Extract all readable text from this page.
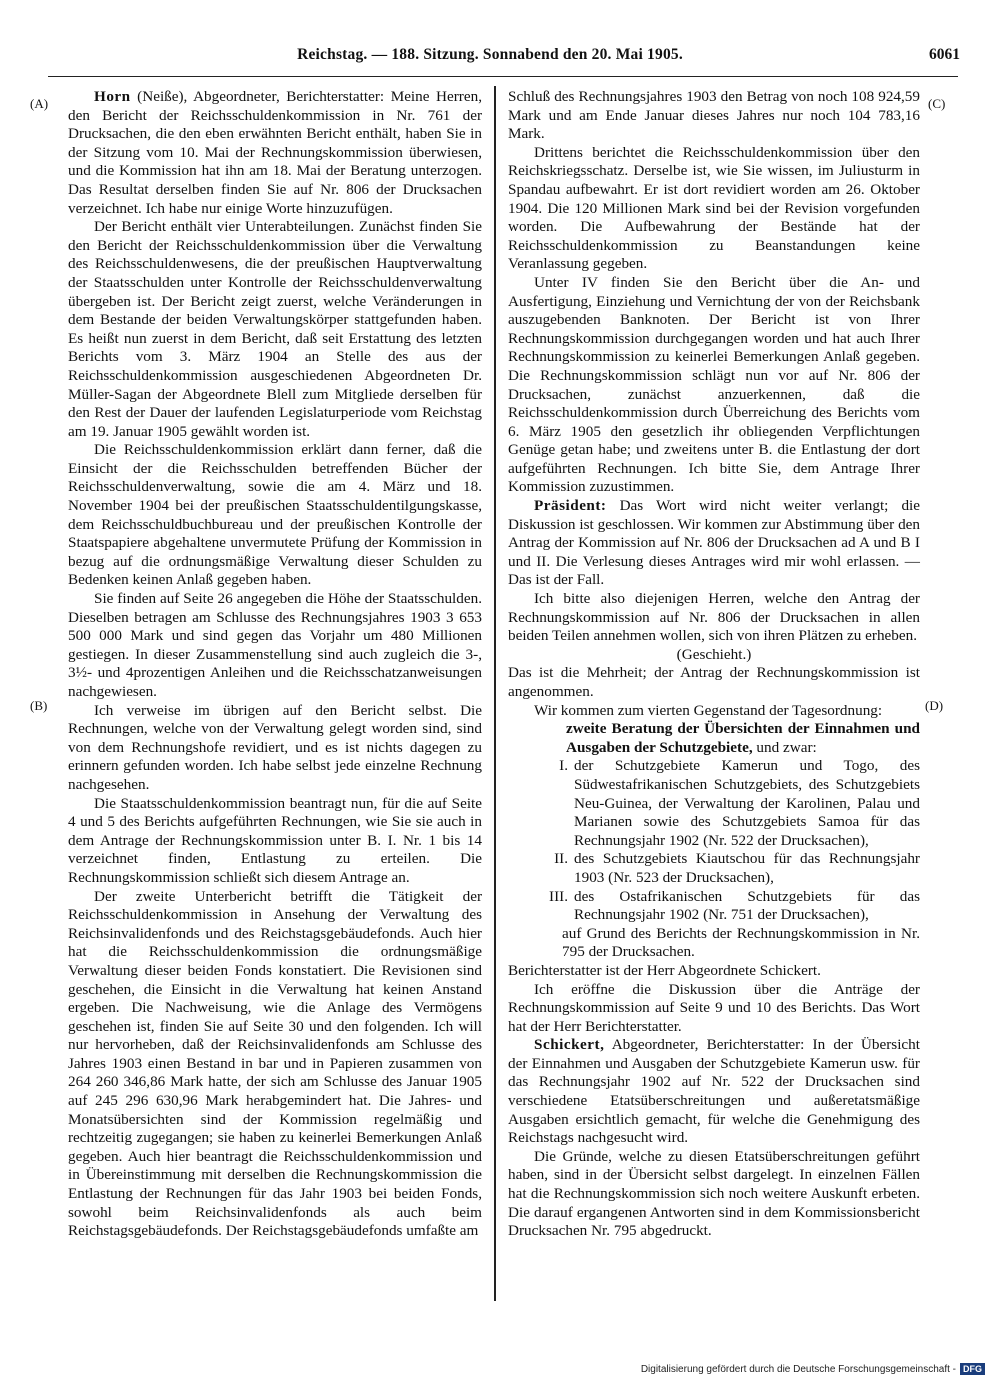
Reichstag. — 188. Sitzung. Sonnabend den 20. Mai 1905.	6061
(A)	(C)
(B)	(D)

Horn (Neiße), Abgeordneter, Berichterstatter: Meine Herren, den Bericht der Reichsschuldenkommission in Nr. 761 der Drucksachen, die den eben erwähnten Bericht enthält, haben Sie in der Sitzung vom 10. Mai der Rechnungskommission überwiesen, und die Kommission hat ihn am 18. Mai der Beratung unterzogen. Das Resultat derselben finden Sie auf Nr. 806 der Drucksachen verzeichnet. Ich habe nur einige Worte hinzuzufügen.

Der Bericht enthält vier Unterabteilungen. Zunächst finden Sie den Bericht der Reichsschuldenkommission über die Verwaltung des Reichsschuldenwesens, die der preußischen Hauptverwaltung der Staatsschulden unter Kontrolle der Reichsschuldenverwaltung übergeben ist. Der Bericht zeigt zuerst, welche Veränderungen in dem Bestande der beiden Verwaltungskörper stattgefunden haben. Es heißt nun zuerst in dem Bericht, daß seit Erstattung des letzten Berichts vom 3. März 1904 an Stelle des aus der Reichsschuldenkommission ausgeschiedenen Abgeordneten Dr. Müller-Sagan der Abgeordnete Blell zum Mitgliede derselben für den Rest der Dauer der laufenden Legislaturperiode vom Reichstag am 19. Januar 1905 gewählt worden ist.

Die Reichsschuldenkommission erklärt dann ferner, daß die Einsicht der die Reichsschulden betreffenden Bücher der Reichsschuldenverwaltung, sowie die am 4. März und 18. November 1904 bei der preußischen Staatsschuldentilgungskasse, dem Reichsschuldbuchbureau und der preußischen Kontrolle der Staatspapiere abgehaltene unvermutete Prüfung der Kommission in bezug auf die ordnungsmäßige Verwaltung dieser Schulden zu Bedenken keinen Anlaß gegeben haben.

Sie finden auf Seite 26 angegeben die Höhe der Staatsschulden. Dieselben betragen am Schlusse des Rechnungsjahres 1903 3 653 500 000 Mark und sind gegen das Vorjahr um 480 Millionen gestiegen. In dieser Zusammenstellung sind auch zugleich die 3-, 3½- und 4prozentigen Anleihen und die Reichsschatzanweisungen nachgewiesen.

Ich verweise im übrigen auf den Bericht selbst. Die Rechnungen, welche von der Verwaltung gelegt worden sind, sind von dem Rechnungshofe revidiert, und es ist nichts dagegen zu erinnern gefunden worden. Ich habe selbst jede einzelne Rechnung nachgesehen.

Die Staatsschuldenkommission beantragt nun, für die auf Seite 4 und 5 des Berichts aufgeführten Rechnungen, wie Sie sie auch in dem Antrage der Rechnungskommission unter B. I. Nr. 1 bis 14 verzeichnet finden, Entlastung zu erteilen. Die Rechnungskommission schließt sich diesem Antrage an.

Der zweite Unterbericht betrifft die Tätigkeit der Reichsschuldenkommission in Ansehung der Verwaltung des Reichsinvalidenfonds und des Reichstagsgebäudefonds. Auch hier hat die Reichsschuldenkommission die ordnungsmäßige Verwaltung dieser beiden Fonds konstatiert. Die Revisionen sind geschehen, die Einsicht in die Verwaltung hat keinen Anstand ergeben. Die Nachweisung, wie die Anlage des Vermögens geschehen ist, finden Sie auf Seite 30 und den folgenden. Ich will nur hervorheben, daß der Reichsinvalidenfonds am Schlusse des Jahres 1903 einen Bestand in bar und in Papieren zusammen von 264 260 346,86 Mark hatte, der sich am Schlusse des Januar 1905 auf 245 296 630,96 Mark herabgemindert hat. Die Jahres- und Monatsübersichten sind der Kommission regelmäßig und rechtzeitig zugegangen; sie haben zu keinerlei Bemerkungen Anlaß gegeben. Auch hier beantragt die Reichsschuldenkommission und in Übereinstimmung mit derselben die Rechnungskommission die Entlastung der Rechnungen für das Jahr 1903 bei beiden Fonds, sowohl beim Reichsinvalidenfonds als auch beim Reichstagsgebäudefonds. Der Reichstagsgebäudefonds umfaßte am

Schluß des Rechnungsjahres 1903 den Betrag von noch 108 924,59 Mark und am Ende Januar dieses Jahres nur noch 104 783,16 Mark.

Drittens berichtet die Reichsschuldenkommission über den Reichskriegsschatz. Derselbe ist, wie Sie wissen, im Juliusturm in Spandau aufbewahrt. Er ist dort revidiert worden am 26. Oktober 1904. Die 120 Millionen Mark sind bei der Revision vorgefunden worden. Die Aufbewahrung der Bestände hat der Reichsschuldenkommission zu Beanstandungen keine Veranlassung gegeben.

Unter IV finden Sie den Bericht über die An- und Ausfertigung, Einziehung und Vernichtung der von der Reichsbank auszugebenden Banknoten. Der Bericht ist von Ihrer Rechnungskommission durchgegangen worden und hat auch Ihrer Rechnungskommission zu keinerlei Bemerkungen Anlaß gegeben. Die Rechnungskommission schlägt nun vor auf Nr. 806 der Drucksachen, zunächst anzuerkennen, daß die Reichsschuldenkommission durch Überreichung des Berichts vom 6. März 1905 den gesetzlich ihr obliegenden Verpflichtungen Genüge getan habe; und zweitens unter B. die Entlastung der dort aufgeführten Rechnungen. Ich bitte Sie, dem Antrage Ihrer Kommission zuzustimmen.

Präsident: Das Wort wird nicht weiter verlangt; die Diskussion ist geschlossen. Wir kommen zur Abstimmung über den Antrag der Kommission auf Nr. 806 der Drucksachen ad A und B I und II. Die Verlesung dieses Antrages wird mir wohl erlassen. — Das ist der Fall.

Ich bitte also diejenigen Herren, welche den Antrag der Rechnungskommission auf Nr. 806 der Drucksachen in allen beiden Teilen annehmen wollen, sich von ihren Plätzen zu erheben.

(Geschieht.)

Das ist die Mehrheit; der Antrag der Rechnungskommission ist angenommen.

Wir kommen zum vierten Gegenstand der Tagesordnung:

zweite Beratung der Übersichten der Einnahmen und Ausgaben der Schutzgebiete, und zwar:

I. der Schutzgebiete Kamerun und Togo, des Südwestafrikanischen Schutzgebiets, des Schutzgebiets Neu-Guinea, der Verwaltung der Karolinen, Palau und Marianen sowie des Schutzgebiets Samoa für das Rechnungsjahr 1902 (Nr. 522 der Drucksachen),
II. des Schutzgebiets Kiautschou für das Rechnungsjahr 1903 (Nr. 523 der Drucksachen),
III. des Ostafrikanischen Schutzgebiets für das Rechnungsjahr 1902 (Nr. 751 der Drucksachen),

auf Grund des Berichts der Rechnungskommission in Nr. 795 der Drucksachen.

Berichterstatter ist der Herr Abgeordnete Schickert.

Ich eröffne die Diskussion über die Anträge der Rechnungskommission auf Seite 9 und 10 des Berichts. Das Wort hat der Herr Berichterstatter.

Schickert, Abgeordneter, Berichterstatter: In der Übersicht der Einnahmen und Ausgaben der Schutzgebiete Kamerun usw. für das Rechnungsjahr 1902 auf Nr. 522 der Drucksachen sind verschiedene Etatsüberschreitungen und außeretatsmäßige Ausgaben ersichtlich gemacht, für welche die Genehmigung des Reichstags nachgesucht wird.

Die Gründe, welche zu diesen Etatsüberschreitungen geführt haben, sind in der Übersicht selbst dargelegt. In einzelnen Fällen hat die Rechnungskommission sich noch weitere Auskunft erbeten. Die darauf ergangenen Antworten sind in dem Kommissionsbericht Drucksachen Nr. 795 abgedruckt.

Digitalisierung gefördert durch die Deutsche Forschungsgemeinschaft - DFG
